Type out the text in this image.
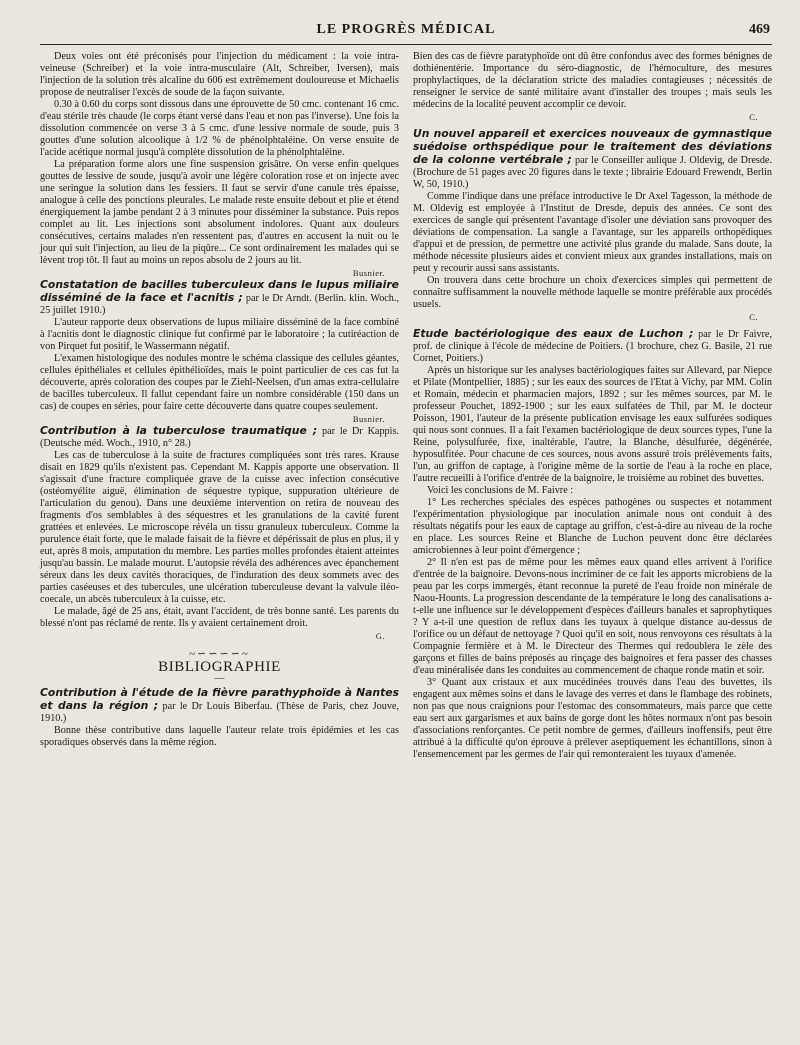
LE PROGRÈS MÉDICAL	469

Deux voies ont été préconisés pour l'injection du médicament : la voie intra-veineuse (Schreiber) et la voie intra-musculaire (Alt, Schreiber, Iversen), mais l'injection de la solution très alcaline du 606 est extrêmement douloureuse et Michaelis propose de neutraliser l'excès de soude de la façon suivante.

0.30 à 0.60 du corps sont dissous dans une éprouvette de 50 cmc. contenant 16 cmc. d'eau stérile très chaude (le corps étant versé dans l'eau et non pas l'inverse). Une fois la dissolution commencée on verse 3 à 5 cmc. d'une lessive normale de soude, puis 3 gouttes d'une solution alcoolique à 1/2 % de phénolphtaléine. On verse ensuite de l'acide acétique normal jusqu'à complète dissolution de la phénolphtaléine.

La préparation forme alors une fine suspension grisâtre. On verse enfin quelques gouttes de lessive de soude, jusqu'à avoir une légère coloration rose et on injecte avec une seringue la solution dans les fessiers. Il faut se servir d'une canule très épaisse, analogue à celle des ponctions pleurales. Le malade reste ensuite debout et plie et étend énergiquement la jambe pendant 2 à 3 minutes pour disséminer la substance. Puis repos complet au lit. Les injections sont absolument indolores. Quant aux douleurs consécutives, certains malades n'en ressentent pas, d'autres en accusent la nuit ou le jour qui suit l'injection, au lieu de la piqûre... Ce sont ordinairement les malades qui se lèvent trop tôt. Il faut au moins un repos absolu de 2 jours au lit.

Busnier.

Constatation de bacilles tuberculeux dans le lupus miliaire disséminé de la face et l'acnitis ; par le Dr Arndt. (Berlin. klin. Woch., 25 juillet 1910.)

L'auteur rapporte deux observations de lupus miliaire disséminé de la face combiné à l'acnitis dont le diagnostic clinique fut confirmé par le laboratoire ; la cutiréaction de von Pirquet fut positif, le Wassermann négatif.

L'examen histologique des nodules montre le schéma classique des cellules géantes, cellules épithéliales et cellules épithélioïdes, mais le point particulier de ces cas fut la découverte, après coloration des coupes par le Ziehl-Neelsen, d'un amas extra-cellulaire de bacilles tuberculeux. Il fallut cependant faire un nombre considérable (150 dans un cas) de coupes en séries, pour faire cette découverte dans quatre coupes seulement.

Busnier.

Contribution à la tuberculose traumatique ; par le Dr Kappis. (Deutsche méd. Woch., 1910, n° 28.)

Les cas de tuberculose à la suite de fractures compliquées sont très rares. Krause disait en 1829 qu'ils n'existent pas. Cependant M. Kappis apporte une observation. Il s'agissait d'une fracture compliquée grave de la cuisse avec infection consécutive (ostéomyélite aiguë, élimination de séquestre typique, suppuration ultérieure de l'articulation du genou). Dans une deuxième intervention on retira de nouveau des fragments d'os semblables à des séquestres et les granulations de la cavité furent grattées et enlevées. Le microscope révéla un tissu granuleux tuberculeux. Comme la purulence était forte, que le malade faisait de la fièvre et dépérissait de plus en plus, il y eut, après 8 mois, amputation du membre. Les parties molles profondes étaient atteintes jusqu'au bassin. Le malade mourut. L'autopsie révéla des adhérences avec épanchement séreux dans les deux cavités thoraciques, de l'induration des deux sommets avec des parties caséeuses et des tubercules, une ulcération tuberculeuse devant la valvule iléo-coecale, un abcès tuberculeux à la cuisse, etc.

Le malade, âgé de 25 ans, était, avant l'accident, de très bonne santé. Les parents du blessé n'ont pas réclamé de rente. Ils y avaient certainement droit.

G.
~∽∽∽∽~
BIBLIOGRAPHIE
—

Contribution à l'étude de la fièvre parathyphoïde à Nantes et dans la région ; par le Dr Louis Biberfau. (Thèse de Paris, chez Jouve, 1910.)

Bonne thèse contributive dans laquelle l'auteur relate trois épidémies et les cas sporadiques observés dans la même région.

Bien des cas de fièvre paratyphoïde ont dû être confondus avec des formes bénignes de dothiénentérie. Importance du séro-diagnostic, de l'hémoculture, des mesures prophylactiques, de la déclaration stricte des maladies contagieuses ; nécessités de renseigner le service de santé militaire avant d'installer des troupes ; mais seuls les médecins de la localité peuvent accomplir ce devoir.

C.

Un nouvel appareil et exercices nouveaux de gymnastique suédoise orthspédique pour le traitement des déviations de la colonne vertébrale ; par le Conseiller aulique J. Oldevig, de Dresde. (Brochure de 51 pages avec 20 figures dans le texte ; librairie Edouard Frewendt, Berlin W, 50, 1910.)

Comme l'indique dans une préface introductive le Dr Axel Tagesson, la méthode de M. Oldevig est employée à l'Institut de Dresde, depuis des années. Ce sont des exercices de sangle qui présentent l'avantage d'isoler une déviation sans provoquer des déviations de compensation. La sangle a l'avantage, sur les appareils orthopédiques d'appui et de pression, de permettre une activité plus grande du malade. Sans doute, la méthode nécessite plusieurs aides et convient mieux aux grandes installations, mais on peut y recourir aussi sans assistants.

On trouvera dans cette brochure un choix d'exercices simples qui permettent de connaître suffisamment la nouvelle méthode laquelle se montre préférable aux procédés usuels.

C.

Etude bactériologique des eaux de Luchon ; par le Dr Faivre, prof. de clinique à l'école de médecine de Poitiers. (1 brochure, chez G. Basile, 21 rue Cornet, Poitiers.)

Après un historique sur les analyses bactériologiques faites sur Allevard, par Niepce et Pilate (Montpellier, 1885) ; sur les eaux des sources de l'Etat à Vichy, par MM. Colin et Romain, médecin et pharmacien majors, 1892 ; sur les mêmes sources, par M. le professeur Pouchet, 1892-1900 ; sur les eaux sulfatées de Thil, par M. le docteur Poisson, 1901, l'auteur de la présente publication envisage les eaux sulfurées sodiques qui nous sont connues. Il a fait l'examen bactériologique de deux sources types, l'une la Reine, polysulfurée, fixe, inaltérable, l'autre, la Blanche, désulfurée, dégénérée, hyposulfitée. Pour chacune de ces sources, nous avons assuré trois prélèvements faits, l'un, au griffon de captage, à l'origine même de la sortie de l'eau à la roche en place, l'autre recueilli à l'orifice d'entrée de la baignoire, le troisième au robinet des buvettes.

Voici les conclusions de M. Faivre :

1° Les recherches spéciales des espèces pathogènes ou suspectes et notamment l'expérimentation physiologique par inoculation animale nous ont conduit à des résultats négatifs pour les eaux de captage au griffon, c'est-à-dire au niveau de la roche en place. Les sources Reine et Blanche de Luchon peuvent donc être déclarées amicrobiennes à leur point d'émergence ;

2° Il n'en est pas de même pour les mêmes eaux quand elles arrivent à l'orifice d'entrée de la baignoire. Devons-nous incriminer de ce fait les apports microbiens de la peau par les corps immergés, étant reconnue la pureté de l'eau froide non minérale de Naou-Hounts. La progression descendante de la température le long des canalisations a-t-elle une influence sur le développement d'espèces d'ailleurs banales et saprophytiques ? Y a-t-il une question de reflux dans les tuyaux à quelque distance au-dessus de l'orifice ou un défaut de nettoyage ? Quoi qu'il en soit, nous renvoyons ces résultats à la Compagnie fermière et à M. le Directeur des Thermes qui redoublera le zèle des garçons et filles de bains préposés au rinçage des baignoires et fera passer des chasses d'eau minéralisée dans les conduites au commencement de chaque ronde matin et soir.

3° Quant aux cristaux et aux mucédinées trouvés dans l'eau des buvettes, ils engagent aux mêmes soins et dans le lavage des verres et dans le flambage des robinets, non pas que nous craignions pour l'estomac des consommateurs, mais parce que cette eau sert aux gargarismes et aux bains de gorge dont les hôtes normaux n'ont pas besoin d'associations renforçantes. Ce petit nombre de germes, d'ailleurs inoffensifs, peut être attribué à la difficulté qu'on éprouve à prélever aseptiquement les échantillons, sinon à l'ensemencement par les germes de l'air qui remonteraient les tuyaux d'amenée.
